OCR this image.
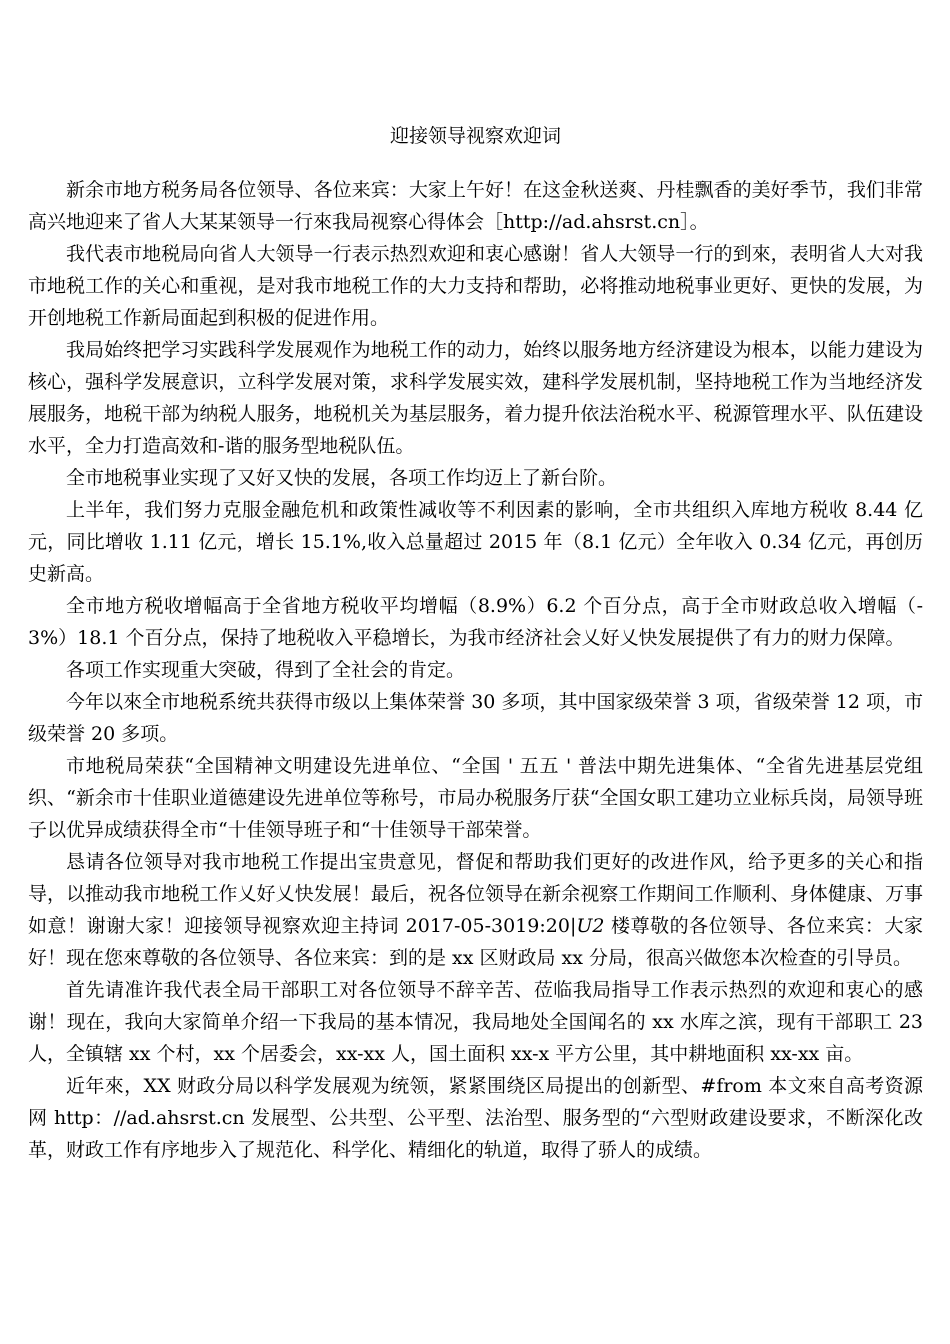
迎接领导视察欢迎词

新余市地方税务局各位领导、各位来宾：大家上午好！在这金秋送爽、丹桂飘香的美好季节，我们非常高兴地迎来了省人大某某领导一行來我局视察心得体会［http://ad.ahsrst.cn］。

我代表市地税局向省人大领导一行表示热烈欢迎和衷心感谢！省人大领导一行的到來，表明省人大对我市地税工作的关心和重视，是对我市地税工作的大力支持和帮助，必将推动地税事业更好、更快的发展，为开创地税工作新局面起到积极的促进作用。

我局始终把学习实践科学发展观作为地税工作的动力，始终以服务地方经济建设为根本，以能力建设为核心，强科学发展意识，立科学发展对策，求科学发展实效，建科学发展机制，坚持地税工作为当地经济发展服务，地税干部为纳税人服务，地税机关为基层服务，着力提升依法治税水平、税源管理水平、队伍建设水平，全力打造高效和-谐的服务型地税队伍。

全市地税事业实现了又好又快的发展，各项工作均迈上了新台阶。

上半年，我们努力克服金融危机和政策性减收等不利因素的影响，全市共组织入库地方税收 8.44 亿元，同比增收 1.11 亿元，增长 15.1%,收入总量超过 2015 年（8.1 亿元）全年收入 0.34 亿元，再创历史新高。

全市地方税收增幅高于全省地方税收平均增幅（8.9%）6.2 个百分点，高于全市财政总收入增幅（-3%）18.1 个百分点，保持了地税收入平稳增长，为我市经济社会乂好乂快发展提供了有力的财力保障。

各项工作实现重大突破，得到了全社会的肯定。

今年以來全市地税系统共获得市级以上集体荣誉 30 多项，其中国家级荣誉 3 项，省级荣誉 12 项，市级荣誉 20 多项。

市地税局荣获“全国精神文明建设先进单位、“全国 ' 五五 ' 普法中期先进集体、“全省先进基层党组织、“新余市十佳职业道德建设先进单位等称号，市局办税服务厅获“全国女职工建功立业标兵岗，局领导班子以优异成绩获得全市“十佳领导班子和“十佳领导干部荣誉。

恳请各位领导对我市地税工作提出宝贵意见，督促和帮助我们更好的改进作风，给予更多的关心和指导，以推动我市地税工作乂好乂快发展！最后，祝各位领导在新余视察工作期间工作顺利、身体健康、万事如意！谢谢大家！迎接领导视察欢迎主持词 2017-05-3019:20|U2 楼尊敬的各位领导、各位来宾：大家好！现在您來尊敬的各位领导、各位来宾：到的是 xx 区财政局 xx 分局，很高兴做您本次检查的引导员。

首先请准许我代表全局干部职工对各位领导不辞辛苦、莅临我局指导工作表示热烈的欢迎和衷心的感谢！现在，我向大家简单介绍一下我局的基本情况，我局地处全国闻名的 xx 水库之滨，现有干部职工 23 人，全镇辖 xx 个村，xx 个居委会，xx-xx 人，国土面积 xx-x 平方公里，其中耕地面积 xx-xx 亩。

近年來，XX 财政分局以科学发展观为统领，紧紧围绕区局提出的创新型、#from 本文來自高考资源网 http：//ad.ahsrst.cn 发展型、公共型、公平型、法治型、服务型的“六型财政建设要求，不断深化改革，财政工作有序地步入了规范化、科学化、精细化的轨道，取得了骄人的成绩。
